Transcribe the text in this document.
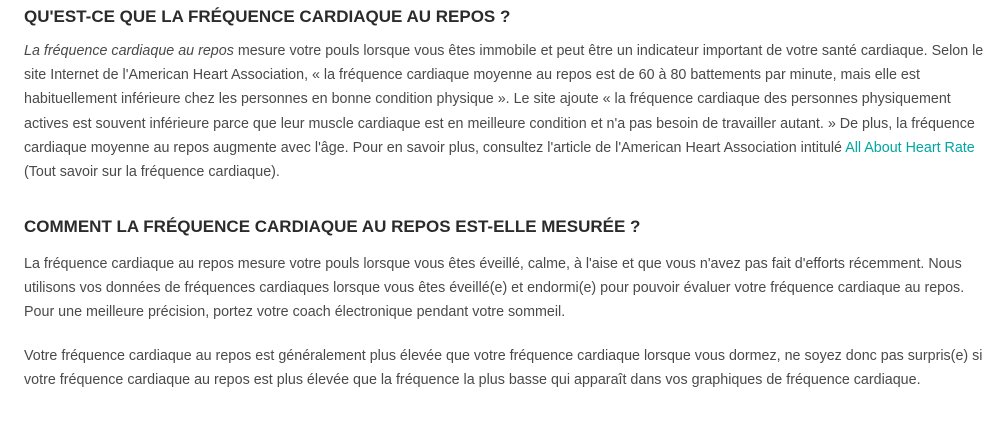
QU'EST-CE QUE LA FRÉQUENCE CARDIAQUE AU REPOS ?

La fréquence cardiaque au repos mesure votre pouls lorsque vous êtes immobile et peut être un indicateur important de votre santé cardiaque. Selon le site Internet de l'American Heart Association, « la fréquence cardiaque moyenne au repos est de 60 à 80 battements par minute, mais elle est habituellement inférieure chez les personnes en bonne condition physique ». Le site ajoute « la fréquence cardiaque des personnes physiquement actives est souvent inférieure parce que leur muscle cardiaque est en meilleure condition et n'a pas besoin de travailler autant. » De plus, la fréquence cardiaque moyenne au repos augmente avec l'âge. Pour en savoir plus, consultez l'article de l'American Heart Association intitulé All About Heart Rate (Tout savoir sur la fréquence cardiaque).

COMMENT LA FRÉQUENCE CARDIAQUE AU REPOS EST-ELLE MESURÉE ?

La fréquence cardiaque au repos mesure votre pouls lorsque vous êtes éveillé, calme, à l'aise et que vous n'avez pas fait d'efforts récemment. Nous utilisons vos données de fréquences cardiaques lorsque vous êtes éveillé(e) et endormi(e) pour pouvoir évaluer votre fréquence cardiaque au repos. Pour une meilleure précision, portez votre coach électronique pendant votre sommeil.

Votre fréquence cardiaque au repos est généralement plus élevée que votre fréquence cardiaque lorsque vous dormez, ne soyez donc pas surpris(e) si votre fréquence cardiaque au repos est plus élevée que la fréquence la plus basse qui apparaît dans vos graphiques de fréquence cardiaque.
